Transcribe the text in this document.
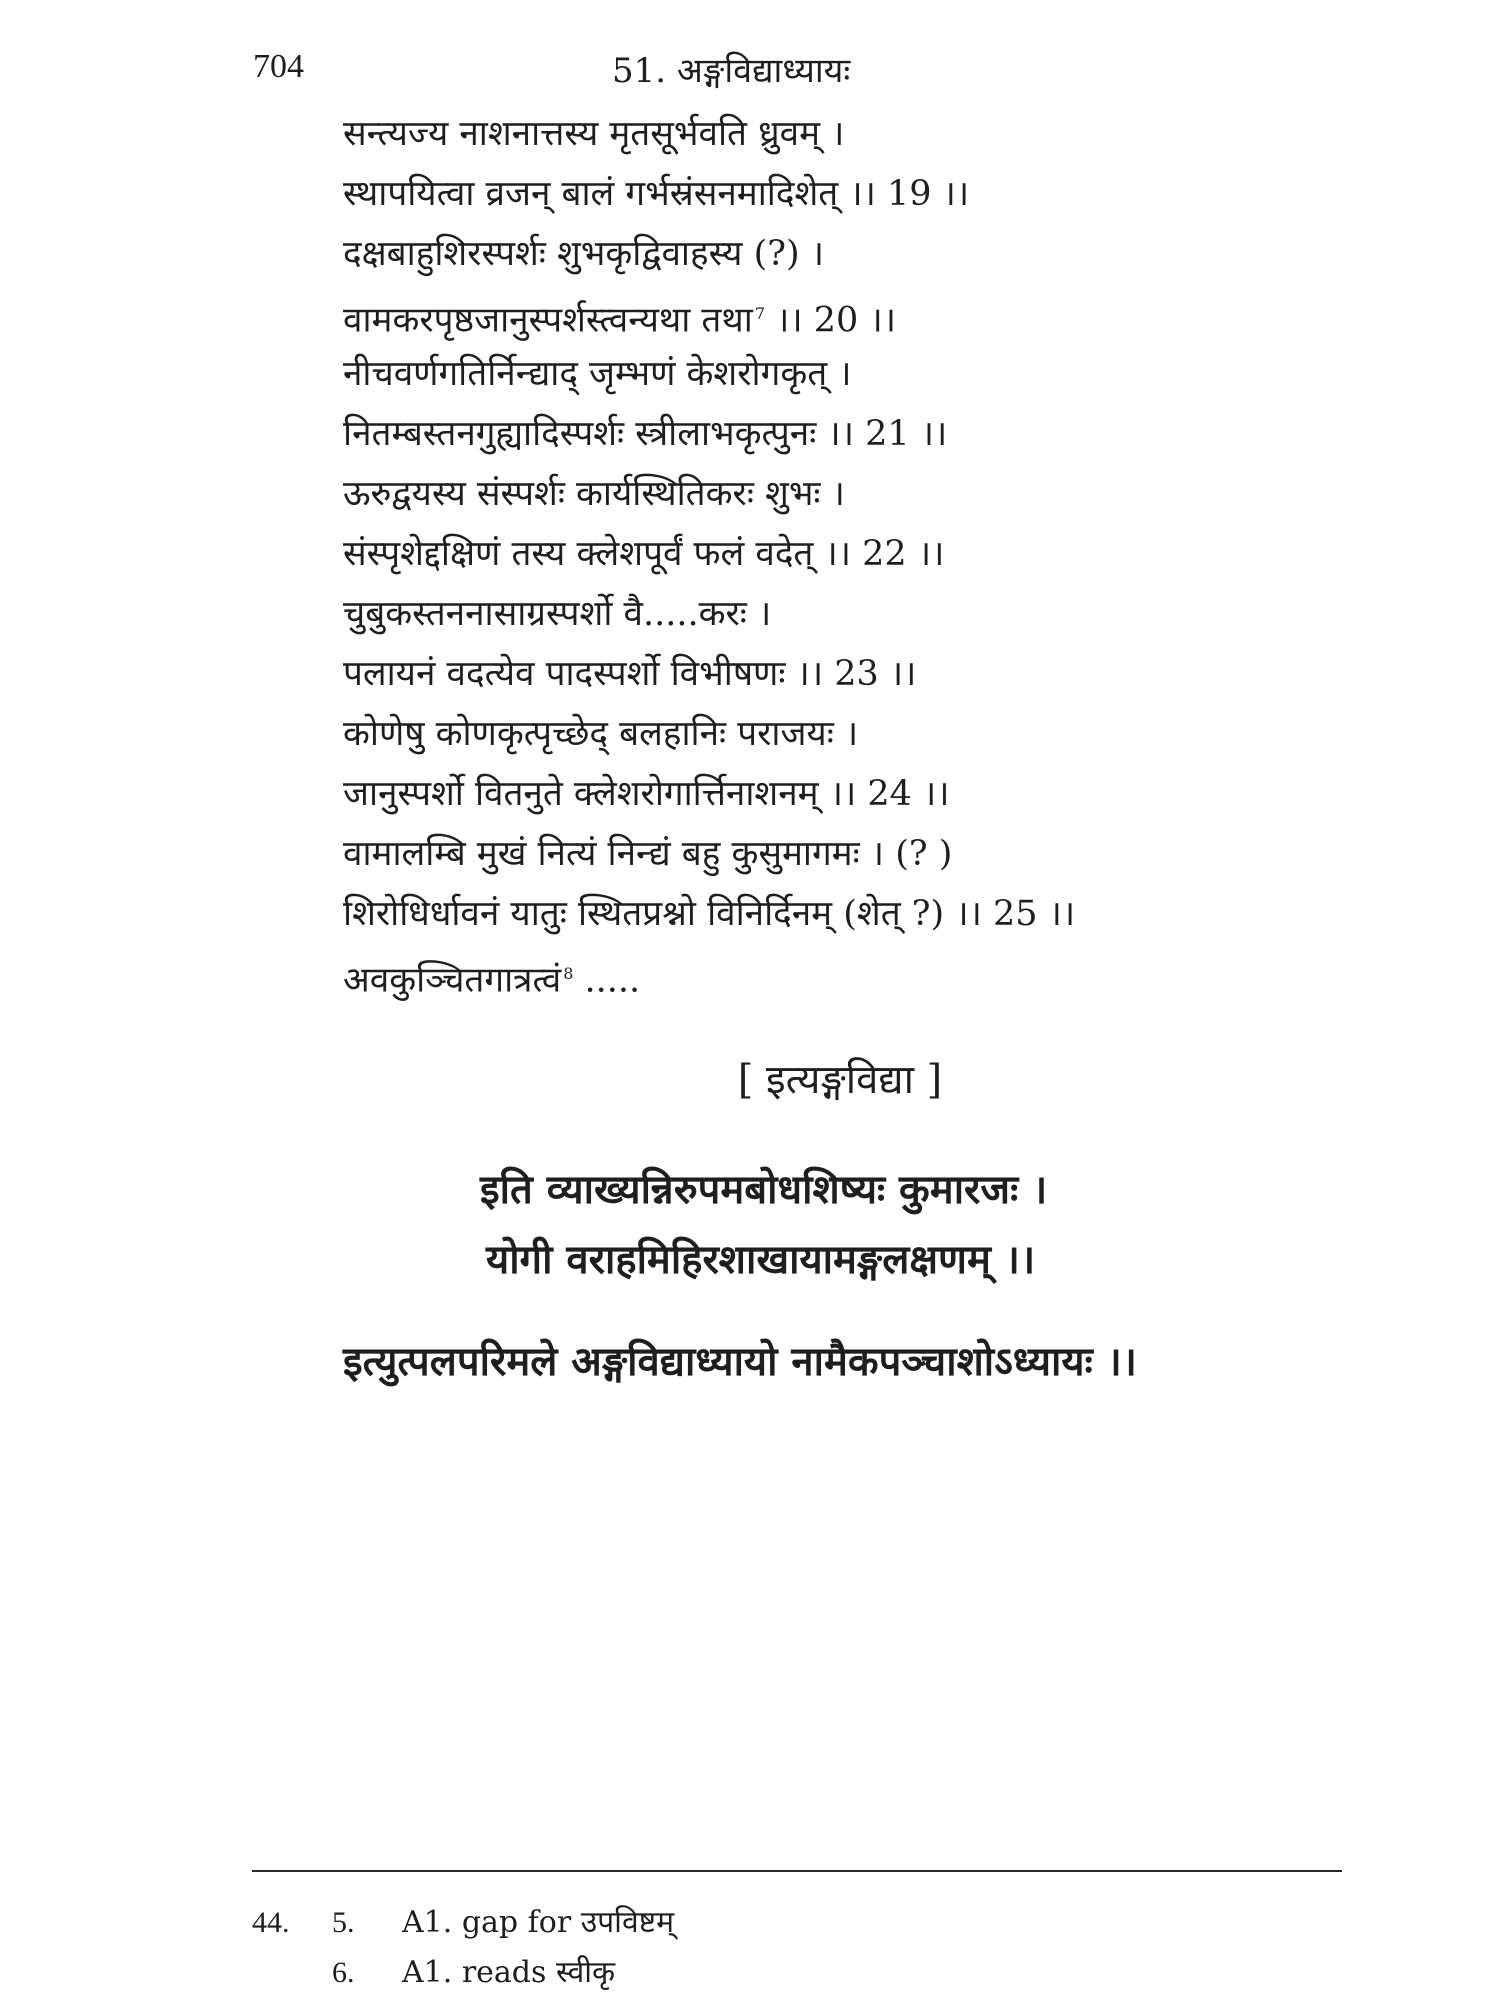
704	51. अङ्गविद्याध्यायः
सन्त्यज्य नाशनात्तस्य मृतसूर्भवति ध्रुवम् ।
स्थापयित्वा व्रजन् बालं गर्भस्रंसनमादिशेत् ।। 19 ।।
दक्षबाहुशिरस्पर्शः शुभकृद्विवाहस्य (?) ।
वामकरपृष्ठजानुस्पर्शस्त्वन्यथा तथा $^7$ ।। 20 ।।
नीचवर्णगतिर्निन्द्याद् जृम्भणं केशरोगकृत् ।
नितम्बस्तनगुह्यादिस्पर्शः स्त्रीलाभकृत्पुनः ।। 21 ।।
ऊरुद्वयस्य संस्पर्शः कार्यस्थितिकरः शुभः ।
संस्पृशेद्दक्षिणं तस्य क्लेशपूर्वं फलं वदेत् ।। 22 ।।
चुबुकस्तननासाग्रस्पर्शो वै.....करः ।
पलायनं वदत्येव पादस्पर्शो विभीषणः ।। 23 ।।
कोणेषु कोणकृत्पृच्छेद् बलहानिः पराजयः ।
जानुस्पर्शो वितनुते क्लेशरोगार्त्तिनाशनम् ।। 24 ।।
वामालम्बि मुखं नित्यं निन्द्यं बहु कुसुमागमः । (? )
शिरोधिर्धावनं यातुः स्थितप्रश्नो विनिर्दिनम् (शेत् ?) ।। 25 ।।
अवकुञ्चितगात्रत्वं $^8$ .....
[ इत्यङ्गविद्या ]
इति व्याख्यन्निरुपमबोधशिष्यः कुमारजः ।
योगी वराहमिहिरशाखायामङ्गलक्षणम् ।।
इत्युत्पलपरिमले अङ्गविद्याध्यायो नामैकपञ्चाशोऽध्यायः ।।
44. 5. A1. gap for उपविष्टम्
6. A1. reads स्वीकृ
